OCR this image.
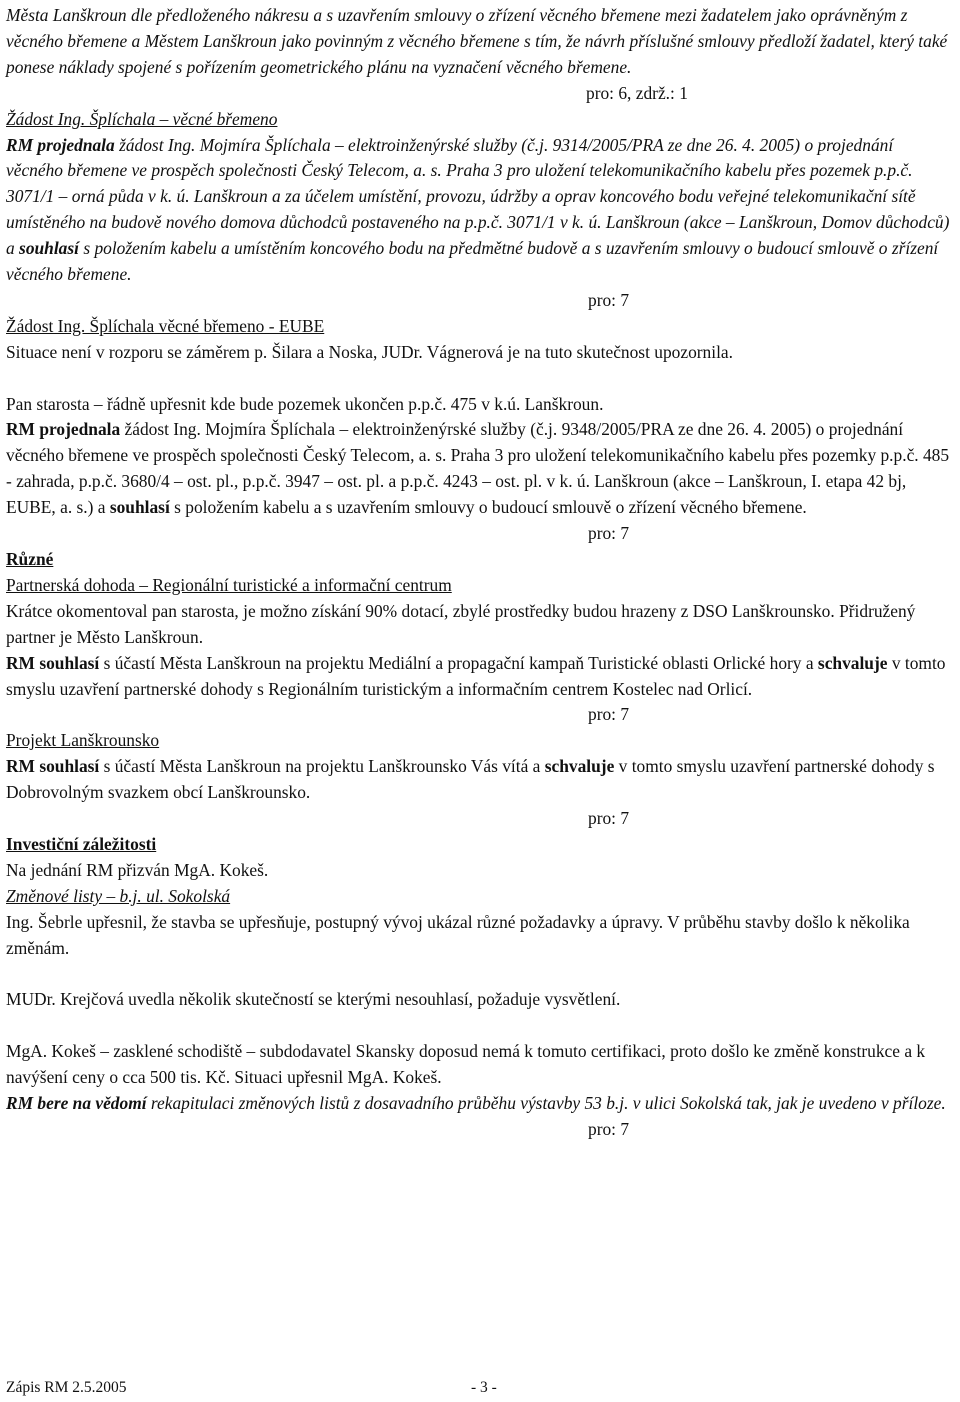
Města Lanškroun dle předloženého nákresu a s uzavřením smlouvy o zřízení věcného břemene mezi žadatelem jako oprávněným z věcného břemene a Městem Lanškroun jako povinným z věcného břemene s tím, že návrh příslušné smlouvy předloží žadatel, který také ponese náklady spojené s pořízením geometrického plánu na vyznačení věcného břemene.

pro: 6, zdrž.: 1

Žádost Ing. Šplíchala – věcné břemeno

RM projednala žádost Ing. Mojmíra Šplíchala – elektroinženýrské služby (č.j. 9314/2005/PRA ze dne 26. 4. 2005) o projednání věcného břemene ve prospěch společnosti Český Telecom, a. s. Praha 3 pro uložení telekomunikačního kabelu přes pozemek p.p.č. 3071/1 – orná půda v k. ú. Lanškroun a za účelem umístění, provozu, údržby a oprav koncového bodu veřejné telekomunikační sítě umístěného na budově nového domova důchodců postaveného na p.p.č. 3071/1 v k. ú. Lanškroun (akce – Lanškroun, Domov důchodců) a souhlasí s položením kabelu a umístěním koncového bodu na předmětné budově a s uzavřením smlouvy o budoucí smlouvě o zřízení věcného břemene.

pro: 7

Žádost Ing. Šplíchala věcné břemeno - EUBE

Situace není v rozporu se záměrem p. Šilara a Noska, JUDr. Vágnerová je na tuto skutečnost upozornila.

Pan starosta – řádně upřesnit kde bude pozemek ukončen p.p.č. 475 v k.ú. Lanškroun.

RM projednala žádost Ing. Mojmíra Šplíchala – elektroinženýrské služby (č.j. 9348/2005/PRA ze dne 26. 4. 2005) o projednání věcného břemene ve prospěch společnosti Český Telecom, a. s. Praha 3 pro uložení telekomunikačního kabelu přes pozemky p.p.č. 485 - zahrada, p.p.č. 3680/4 – ost. pl., p.p.č. 3947 – ost. pl. a p.p.č. 4243 – ost. pl. v k. ú. Lanškroun (akce – Lanškroun, I. etapa 42 bj, EUBE, a. s.) a souhlasí s položením kabelu a s uzavřením smlouvy o budoucí smlouvě o zřízení věcného břemene.

pro: 7

Různé

Partnerská dohoda – Regionální turistické a informační centrum

Krátce okomentoval pan starosta, je možno získání 90% dotací, zbylé prostředky budou hrazeny z DSO Lanškrounsko. Přidružený partner je Město Lanškroun.

RM souhlasí s účastí Města Lanškroun na projektu Mediální a propagační kampaň Turistické oblasti Orlické hory a schvaluje v tomto smyslu uzavření partnerské dohody s Regionálním turistickým a informačním centrem Kostelec nad Orlicí.

pro: 7

Projekt Lanškrounsko

RM souhlasí s účastí Města Lanškroun na projektu Lanškrounsko Vás vítá a schvaluje v tomto smyslu uzavření partnerské dohody s Dobrovolným svazkem obcí Lanškrounsko.

pro: 7

Investiční záležitosti

Na jednání RM přizván MgA. Kokeš.

Změnové listy – b.j. ul. Sokolská

Ing. Šebrle upřesnil, že stavba se upřesňuje, postupný vývoj ukázal různé požadavky a úpravy. V průběhu stavby došlo k několika změnám.

MUDr. Krejčová uvedla několik skutečností se kterými nesouhlasí, požaduje vysvětlení.

MgA. Kokeš – zasklené schodiště – subdodavatel Skansky doposud nemá k tomuto certifikaci, proto došlo ke změně konstrukce a k navýšení ceny o cca 500 tis. Kč. Situaci upřesnil MgA. Kokeš.

RM bere na vědomí rekapitulaci změnových listů z dosavadního průběhu výstavby 53 b.j. v ulici Sokolská tak, jak je uvedeno v příloze.

pro: 7
Zápis RM 2.5.2005	- 3 -
